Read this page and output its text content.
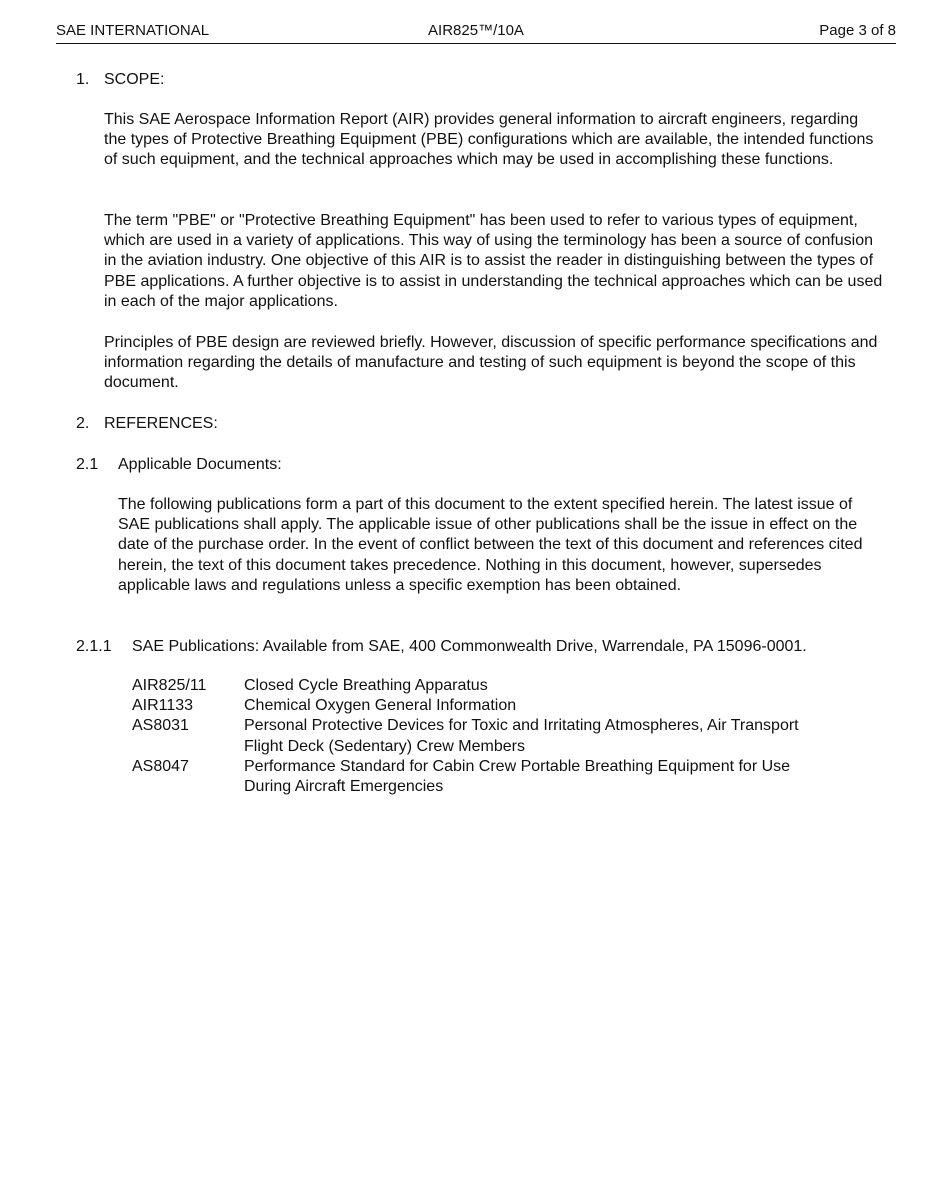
SAE INTERNATIONAL	AIR825™/10A	Page 3 of 8
1. SCOPE:

This SAE Aerospace Information Report (AIR) provides general information to aircraft engineers, regarding the types of Protective Breathing Equipment (PBE) configurations which are available, the intended functions of such equipment, and the technical approaches which may be used in accomplishing these functions.

The term "PBE" or "Protective Breathing Equipment" has been used to refer to various types of equipment, which are used in a variety of applications. This way of using the terminology has been a source of confusion in the aviation industry. One objective of this AIR is to assist the reader in distinguishing between the types of PBE applications. A further objective is to assist in understanding the technical approaches which can be used in each of the major applications.

Principles of PBE design are reviewed briefly. However, discussion of specific performance specifications and information regarding the details of manufacture and testing of such equipment is beyond the scope of this document.

2. REFERENCES:
2.1 Applicable Documents:

The following publications form a part of this document to the extent specified herein. The latest issue of SAE publications shall apply. The applicable issue of other publications shall be the issue in effect on the date of the purchase order. In the event of conflict between the text of this document and references cited herein, the text of this document takes precedence. Nothing in this document, however, supersedes applicable laws and regulations unless a specific exemption has been obtained.

2.1.1 SAE Publications: Available from SAE, 400 Commonwealth Drive, Warrendale, PA 15096-0001.
AIR825/11	Closed Cycle Breathing Apparatus
AIR1133	Chemical Oxygen General Information
AS8031	Personal Protective Devices for Toxic and Irritating Atmospheres, Air Transport Flight Deck (Sedentary) Crew Members
AS8047	Performance Standard for Cabin Crew Portable Breathing Equipment for Use During Aircraft Emergencies
